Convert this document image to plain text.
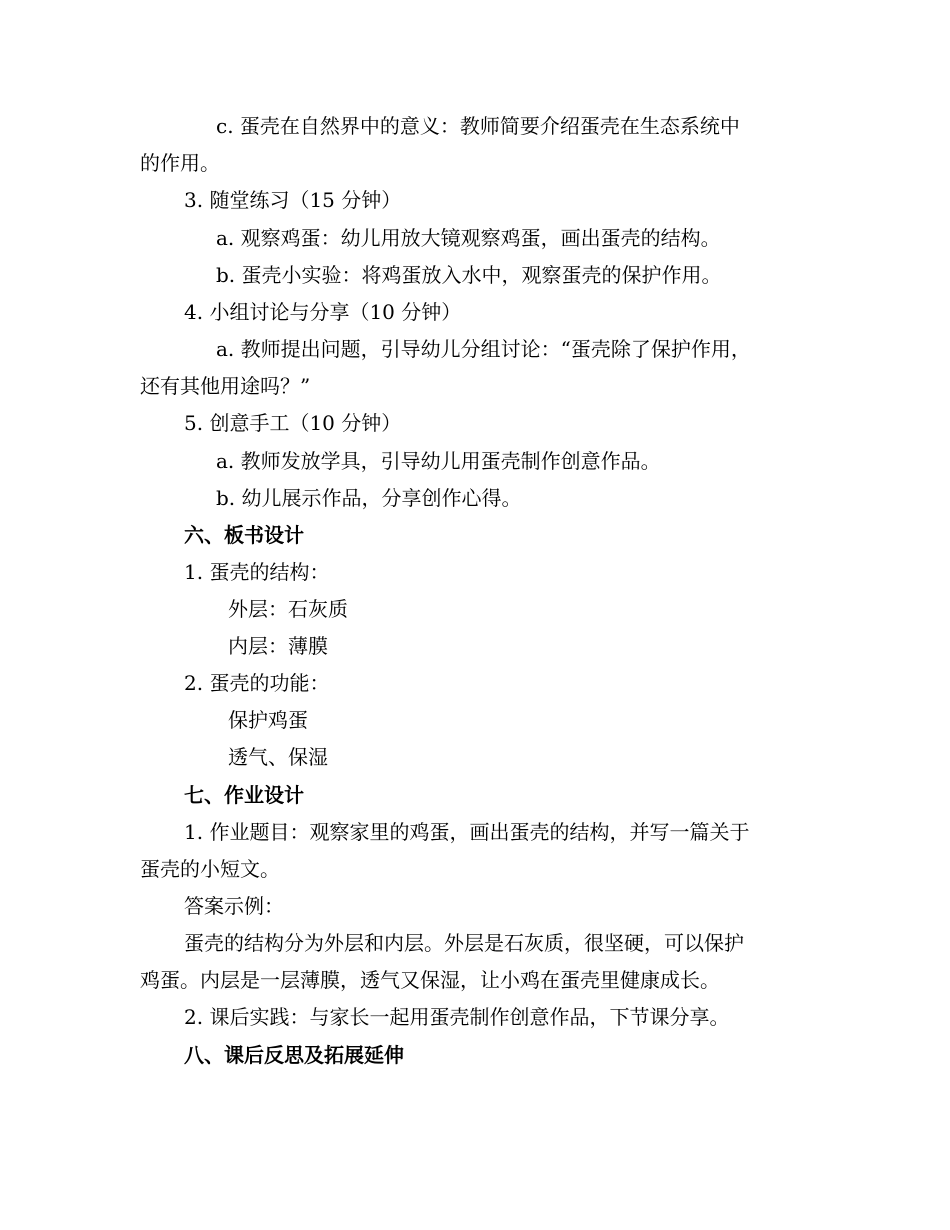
c. 蛋壳在自然界中的意义：教师简要介绍蛋壳在生态系统中
的作用。
3. 随堂练习（15 分钟）
a. 观察鸡蛋：幼儿用放大镜观察鸡蛋，画出蛋壳的结构。
b. 蛋壳小实验：将鸡蛋放入水中，观察蛋壳的保护作用。
4. 小组讨论与分享（10 分钟）
a. 教师提出问题，引导幼儿分组讨论：“蛋壳除了保护作用，
还有其他用途吗？”
5. 创意手工（10 分钟）
a. 教师发放学具，引导幼儿用蛋壳制作创意作品。
b. 幼儿展示作品，分享创作心得。
六、板书设计
1. 蛋壳的结构：
外层：石灰质
内层：薄膜
2. 蛋壳的功能：
保护鸡蛋
透气、保湿
七、作业设计
1. 作业题目：观察家里的鸡蛋，画出蛋壳的结构，并写一篇关于
蛋壳的小短文。
答案示例：
蛋壳的结构分为外层和内层。外层是石灰质，很坚硬，可以保护
鸡蛋。内层是一层薄膜，透气又保湿，让小鸡在蛋壳里健康成长。
2. 课后实践：与家长一起用蛋壳制作创意作品，下节课分享。
八、课后反思及拓展延伸
